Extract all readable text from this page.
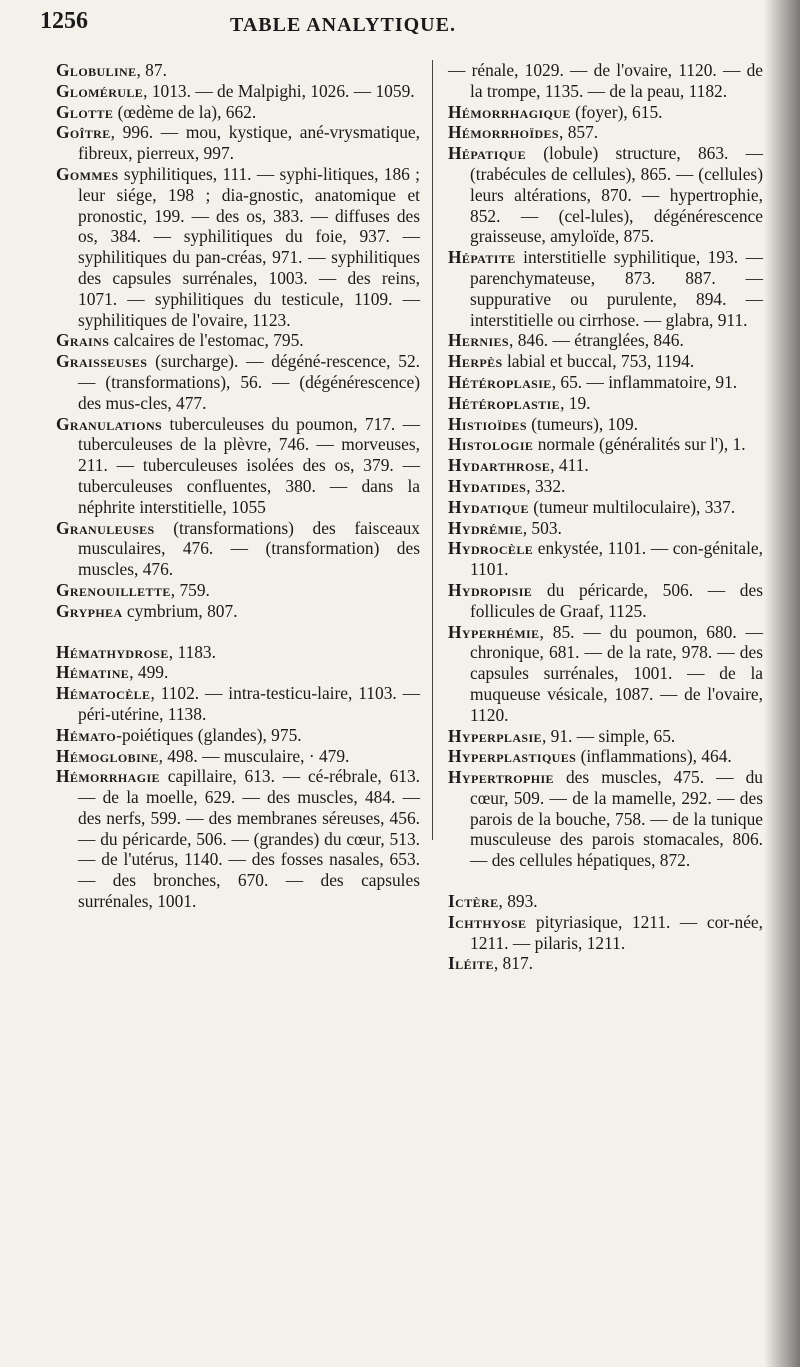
1256	TABLE ANALYTIQUE.

Globuline, 87.

Glomérule, 1013. — de Malpighi, 1026. — 1059.

Glotte (œdème de la), 662.

Goître, 996. — mou, kystique, ané-vrysmatique, fibreux, pierreux, 997.

Gommes syphilitiques, 111. — syphi-litiques, 186 ; leur siége, 198 ; dia-gnostic, anatomique et pronostic, 199. — des os, 383. — diffuses des os, 384. — syphilitiques du foie, 937. — syphilitiques du pan-créas, 971. — syphilitiques des capsules surrénales, 1003. — des reins, 1071. — syphilitiques du testicule, 1109. — syphilitiques de l'ovaire, 1123.

Grains calcaires de l'estomac, 795.

Graisseuses (surcharge). — dégéné-rescence, 52. — (transformations), 56. — (dégénérescence) des mus-cles, 477.

Granulations tuberculeuses du poumon, 717. — tuberculeuses de la plèvre, 746. — morveuses, 211. — tuberculeuses isolées des os, 379. — tuberculeuses confluentes, 380. — dans la néphrite interstitielle, 1055

Granuleuses (transformations) des faisceaux musculaires, 476. — (transformation) des muscles, 476.

Grenouillette, 759.

Gryphea cymbrium, 807.

Hémathydrose, 1183.

Hématine, 499.

Hématocèle, 1102. — intra-testicu-laire, 1103. — péri-utérine, 1138.

Hémato-poiétiques (glandes), 975.

Hémoglobine, 498. — musculaire, · 479.

Hémorrhagie capillaire, 613. — cé-rébrale, 613. — de la moelle, 629. — des muscles, 484. — des nerfs, 599. — des membranes séreuses, 456. — du péricarde, 506. — (grandes) du cœur, 513. — de l'utérus, 1140. — des fosses nasales, 653. — des bronches, 670. — des capsules surrénales, 1001.

— rénale, 1029. — de l'ovaire, 1120. — de la trompe, 1135. — de la peau, 1182.

Hémorrhagique (foyer), 615.

Hémorrhoïdes, 857.

Hépatique (lobule) structure, 863. — (trabécules de cellules), 865. — (cellules) leurs altérations, 870. — hypertrophie, 852. — (cel-lules), dégénérescence graisseuse, amyloïde, 875.

Hépatite interstitielle syphilitique, 193. — parenchymateuse, 873. 887. — suppurative ou purulente, 894. — interstitielle ou cirrhose. — glabra, 911.

Hernies, 846. — étranglées, 846.

Herpès labial et buccal, 753, 1194.

Hétéroplasie, 65. — inflammatoire, 91.

Hétéroplastie, 19.

Histioïdes (tumeurs), 109.

Histologie normale (généralités sur l'), 1.

Hydarthrose, 411.

Hydatides, 332.

Hydatique (tumeur multiloculaire), 337.

Hydrémie, 503.

Hydrocèle enkystée, 1101. — con-génitale, 1101.

Hydropisie du péricarde, 506. — des follicules de Graaf, 1125.

Hyperhémie, 85. — du poumon, 680. — chronique, 681. — de la rate, 978. — des capsules surrénales, 1001. — de la muqueuse vésicale, 1087. — de l'ovaire, 1120.

Hyperplasie, 91. — simple, 65.

Hyperplastiques (inflammations), 464.

Hypertrophie des muscles, 475. — du cœur, 509. — de la mamelle, 292. — des parois de la bouche, 758. — de la tunique musculeuse des parois stomacales, 806. — des cellules hépatiques, 872.

Ictère, 893.

Ichthyose pityriasique, 1211. — cor-née, 1211. — pilaris, 1211.

Iléite, 817.
